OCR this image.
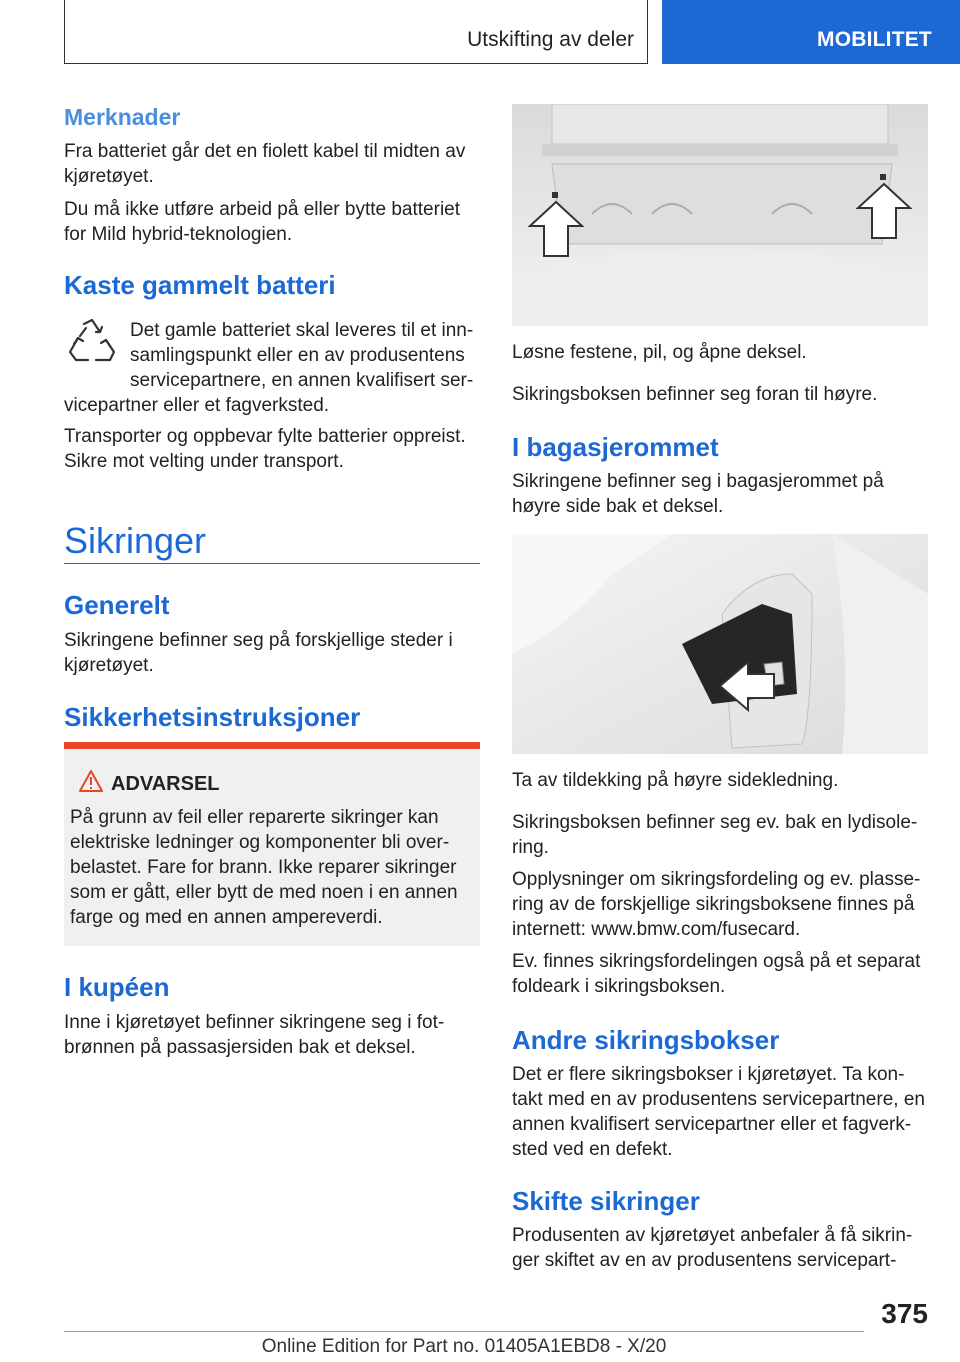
Utskifting av deler	MOBILITET
Merknader

Fra batteriet går det en fiolett kabel til midten av kjøretøyet.

Du må ikke utføre arbeid på eller bytte batteriet for Mild hybrid-teknologien.

Kaste gammelt batteri
Det gamle batteriet skal leveres til et inn-
samlingspunkt eller en av produsentens
servicepartnere, en annen kvalifisert ser-
vicepartner eller et fagverksted.
Transporter og oppbevar fylte batterier oppreist. Sikre mot velting under transport.
Sikringer
Generelt
Sikringene befinner seg på forskjellige steder i kjøretøyet.
Sikkerhetsinstruksjoner
ADVARSEL
På grunn av feil eller reparerte sikringer kan elektriske ledninger og komponenter bli over-belastet. Fare for brann. Ikke reparer sikringer som er gått, eller bytt de med noen i en annen farge og med en annen ampereverdi.
I kupéen
Inne i kjøretøyet befinner sikringene seg i fot-brønnen på passasjersiden bak et deksel.
Løsne festene, pil, og åpne deksel.
Sikringsboksen befinner seg foran til høyre.
I bagasjerommet
Sikringene befinner seg i bagasjerommet på høyre side bak et deksel.
Ta av tildekking på høyre sidekledning.
Sikringsboksen befinner seg ev. bak en lydisole-ring.
Opplysninger om sikringsfordeling og ev. plasse-ring av de forskjellige sikringsboksene finnes på internett: www.bmw.com/fusecard.
Ev. finnes sikringsfordelingen også på et separat foldeark i sikringsboksen.
Andre sikringsbokser
Det er flere sikringsbokser i kjøretøyet. Ta kon-takt med en av produsentens servicepartnere, en annen kvalifisert servicepartner eller et fagverk-sted ved en defekt.
Skifte sikringer
Produsenten av kjøretøyet anbefaler å få sikrin-ger skiftet av en av produsentens servicepart-
375
Online Edition for Part no. 01405A1EBD8 - X/20
